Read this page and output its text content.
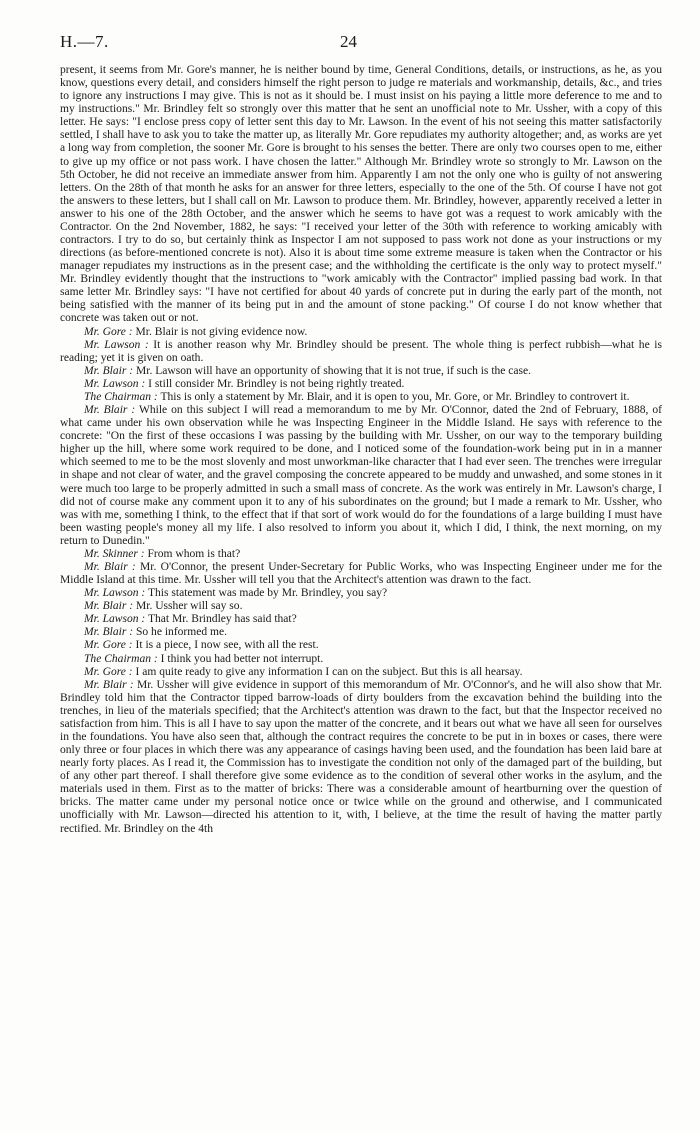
H.—7.	24

present, it seems from Mr. Gore's manner, he is neither bound by time, General Conditions, details, or instructions, as he, as you know, questions every detail, and considers himself the right person to judge re materials and workmanship, details, &c., and tries to ignore any instructions I may give. This is not as it should be. I must insist on his paying a little more deference to me and to my instructions." Mr. Brindley felt so strongly over this matter that he sent an unofficial note to Mr. Ussher, with a copy of this letter. He says: "I enclose press copy of letter sent this day to Mr. Lawson. In the event of his not seeing this matter satisfactorily settled, I shall have to ask you to take the matter up, as literally Mr. Gore repudiates my authority altogether; and, as works are yet a long way from completion, the sooner Mr. Gore is brought to his senses the better. There are only two courses open to me, either to give up my office or not pass work. I have chosen the latter." Although Mr. Brindley wrote so strongly to Mr. Lawson on the 5th October, he did not receive an immediate answer from him. Apparently I am not the only one who is guilty of not answering letters. On the 28th of that month he asks for an answer for three letters, especially to the one of the 5th. Of course I have not got the answers to these letters, but I shall call on Mr. Lawson to produce them. Mr. Brindley, however, apparently received a letter in answer to his one of the 28th October, and the answer which he seems to have got was a request to work amicably with the Contractor. On the 2nd November, 1882, he says: "I received your letter of the 30th with reference to working amicably with contractors. I try to do so, but certainly think as Inspector I am not supposed to pass work not done as your instructions or my directions (as before-mentioned concrete is not). Also it is about time some extreme measure is taken when the Contractor or his manager repudiates my instructions as in the present case; and the withholding the certificate is the only way to protect myself." Mr. Brindley evidently thought that the instructions to "work amicably with the Contractor" implied passing bad work. In that same letter Mr. Brindley says: "I have not certified for about 40 yards of concrete put in during the early part of the month, not being satisfied with the manner of its being put in and the amount of stone packing." Of course I do not know whether that concrete was taken out or not.

Mr. Gore : Mr. Blair is not giving evidence now.

Mr. Lawson : It is another reason why Mr. Brindley should be present. The whole thing is perfect rubbish—what he is reading; yet it is given on oath.

Mr. Blair : Mr. Lawson will have an opportunity of showing that it is not true, if such is the case.

Mr. Lawson : I still consider Mr. Brindley is not being rightly treated.

The Chairman : This is only a statement by Mr. Blair, and it is open to you, Mr. Gore, or Mr. Brindley to controvert it.

Mr. Blair : While on this subject I will read a memorandum to me by Mr. O'Connor, dated the 2nd of February, 1888, of what came under his own observation while he was Inspecting Engineer in the Middle Island. He says with reference to the concrete: "On the first of these occasions I was passing by the building with Mr. Ussher, on our way to the temporary building higher up the hill, where some work required to be done, and I noticed some of the foundation-work being put in in a manner which seemed to me to be the most slovenly and most unworkman-like character that I had ever seen. The trenches were irregular in shape and not clear of water, and the gravel composing the concrete appeared to be muddy and unwashed, and some stones in it were much too large to be properly admitted in such a small mass of concrete. As the work was entirely in Mr. Lawson's charge, I did not of course make any comment upon it to any of his subordinates on the ground; but I made a remark to Mr. Ussher, who was with me, something I think, to the effect that if that sort of work would do for the foundations of a large building I must have been wasting people's money all my life. I also resolved to inform you about it, which I did, I think, the next morning, on my return to Dunedin."

Mr. Skinner : From whom is that?

Mr. Blair : Mr. O'Connor, the present Under-Secretary for Public Works, who was Inspecting Engineer under me for the Middle Island at this time. Mr. Ussher will tell you that the Architect's attention was drawn to the fact.

Mr. Lawson : This statement was made by Mr. Brindley, you say?

Mr. Blair : Mr. Ussher will say so.

Mr. Lawson : That Mr. Brindley has said that?

Mr. Blair : So he informed me.

Mr. Gore : It is a piece, I now see, with all the rest.

The Chairman : I think you had better not interrupt.

Mr. Gore : I am quite ready to give any information I can on the subject. But this is all hearsay.

Mr. Blair : Mr. Ussher will give evidence in support of this memorandum of Mr. O'Connor's, and he will also show that Mr. Brindley told him that the Contractor tipped barrow-loads of dirty boulders from the excavation behind the building into the trenches, in lieu of the materials specified; that the Architect's attention was drawn to the fact, but that the Inspector received no satisfaction from him. This is all I have to say upon the matter of the concrete, and it bears out what we have all seen for ourselves in the foundations. You have also seen that, although the contract requires the concrete to be put in in boxes or cases, there were only three or four places in which there was any appearance of casings having been used, and the foundation has been laid bare at nearly forty places. As I read it, the Commission has to investigate the condition not only of the damaged part of the building, but of any other part thereof. I shall therefore give some evidence as to the condition of several other works in the asylum, and the materials used in them. First as to the matter of bricks: There was a considerable amount of heartburning over the question of bricks. The matter came under my personal notice once or twice while on the ground and otherwise, and I communicated unofficially with Mr. Lawson—directed his attention to it, with, I believe, at the time the result of having the matter partly rectified. Mr. Brindley on the 4th
